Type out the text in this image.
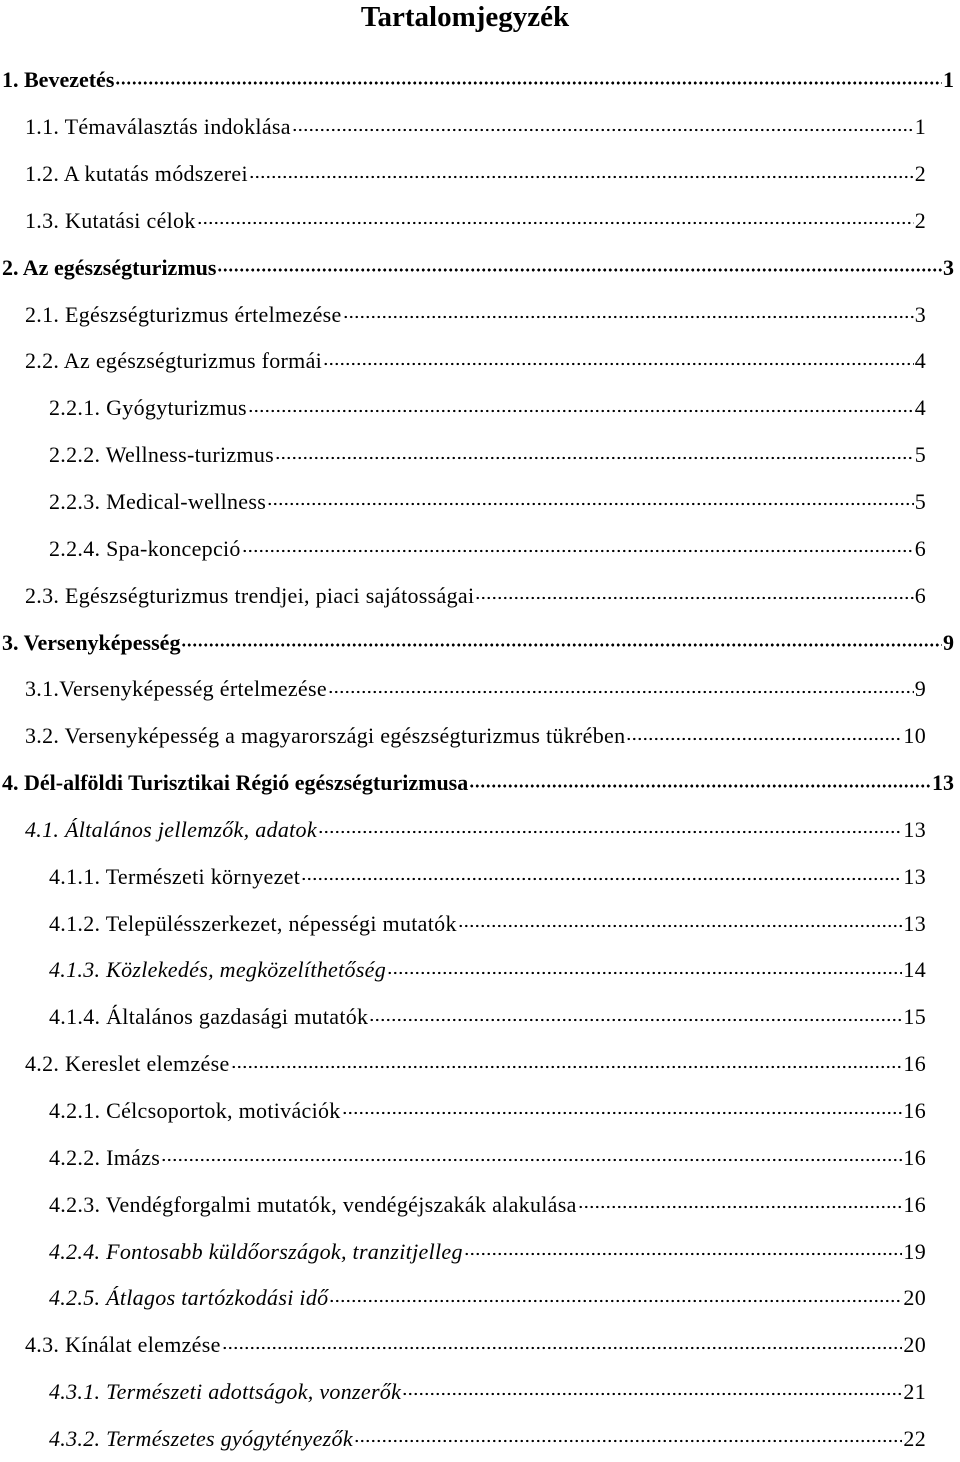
Tartalomjegyzék
1. Bevezetés	1
1.1. Témaválasztás indoklása	1
1.2. A kutatás módszerei	2
1.3. Kutatási célok	2
2. Az egészségturizmus	3
2.1. Egészségturizmus értelmezése	3
2.2. Az egészségturizmus formái	4
2.2.1. Gyógyturizmus	4
2.2.2. Wellness-turizmus	5
2.2.3. Medical-wellness	5
2.2.4. Spa-koncepció	6
2.3. Egészségturizmus trendjei, piaci sajátosságai	6
3. Versenyképesség	9
3.1.Versenyképesség értelmezése	9
3.2. Versenyképesség a magyarországi egészségturizmus tükrében	10
4. Dél-alföldi Turisztikai Régió egészségturizmusa	13
4.1. Általános jellemzők, adatok	13
4.1.1. Természeti környezet	13
4.1.2. Településszerkezet, népességi mutatók	13
4.1.3. Közlekedés, megközelíthetőség	14
4.1.4. Általános gazdasági mutatók	15
4.2. Kereslet elemzése	16
4.2.1. Célcsoportok, motivációk	16
4.2.2. Imázs	16
4.2.3. Vendégforgalmi mutatók, vendégéjszakák alakulása	16
4.2.4. Fontosabb küldőországok, tranzitjelleg	19
4.2.5. Átlagos tartózkodási idő	20
4.3. Kínálat elemzése	20
4.3.1. Természeti adottságok, vonzerők	21
4.3.2. Természetes gyógytényezők	22
